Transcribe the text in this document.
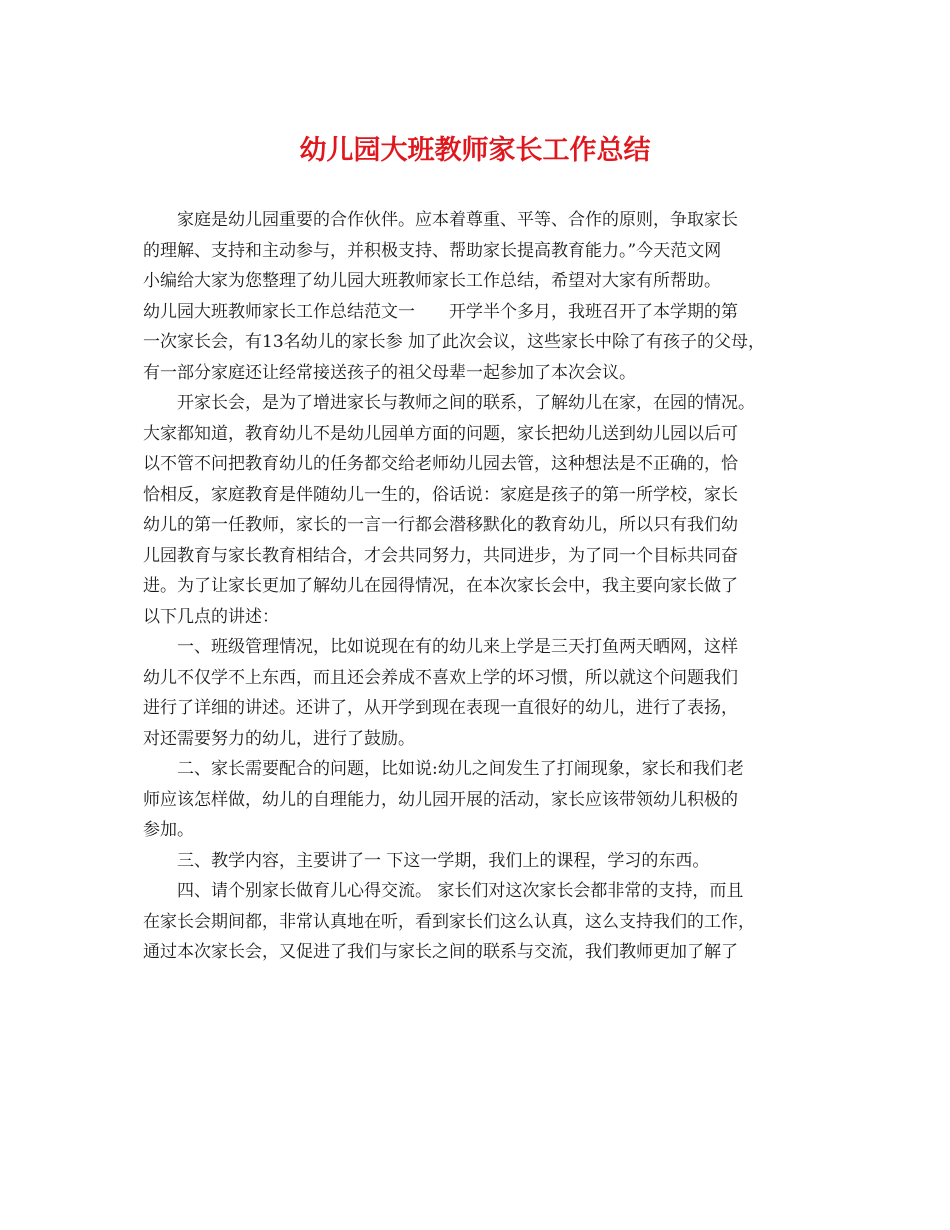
幼儿园大班教师家长工作总结
家庭是幼儿园重要的合作伙伴。应本着尊重、平等、合作的原则，争取家长
的理解、支持和主动参与，并积极支持、帮助家长提高教育能力。”今天范文网
小编给大家为您整理了幼儿园大班教师家长工作总结，希望对大家有所帮助。
幼儿园大班教师家长工作总结范文一　　开学半个多月，我班召开了本学期的第
一次家长会，有13名幼儿的家长参 加了此次会议，这些家长中除了有孩子的父母，
有一部分家庭还让经常接送孩子的祖父母辈一起参加了本次会议。
开家长会，是为了增进家长与教师之间的联系，了解幼儿在家，在园的情况。
大家都知道，教育幼儿不是幼儿园单方面的问题，家长把幼儿送到幼儿园以后可
以不管不问把教育幼儿的任务都交给老师幼儿园去管，这种想法是不正确的，恰
恰相反，家庭教育是伴随幼儿一生的，俗话说：家庭是孩子的第一所学校，家长
幼儿的第一任教师，家长的一言一行都会潜移默化的教育幼儿，所以只有我们幼
儿园教育与家长教育相结合，才会共同努力，共同进步，为了同一个目标共同奋
进。为了让家长更加了解幼儿在园得情况，在本次家长会中，我主要向家长做了
以下几点的讲述：
一、班级管理情况，比如说现在有的幼儿来上学是三天打鱼两天晒网，这样
幼儿不仅学不上东西，而且还会养成不喜欢上学的坏习惯，所以就这个问题我们
进行了详细的讲述。还讲了，从开学到现在表现一直很好的幼儿，进行了表扬，
对还需要努力的幼儿，进行了鼓励。
二、家长需要配合的问题，比如说:幼儿之间发生了打闹现象，家长和我们老
师应该怎样做，幼儿的自理能力，幼儿园开展的活动，家长应该带领幼儿积极的
参加。
三、教学内容，主要讲了一 下这一学期，我们上的课程，学习的东西。
四、请个别家长做育儿心得交流。 家长们对这次家长会都非常的支持，而且
在家长会期间都，非常认真地在听，看到家长们这么认真，这么支持我们的工作，
通过本次家长会，又促进了我们与家长之间的联系与交流，我们教师更加了解了
